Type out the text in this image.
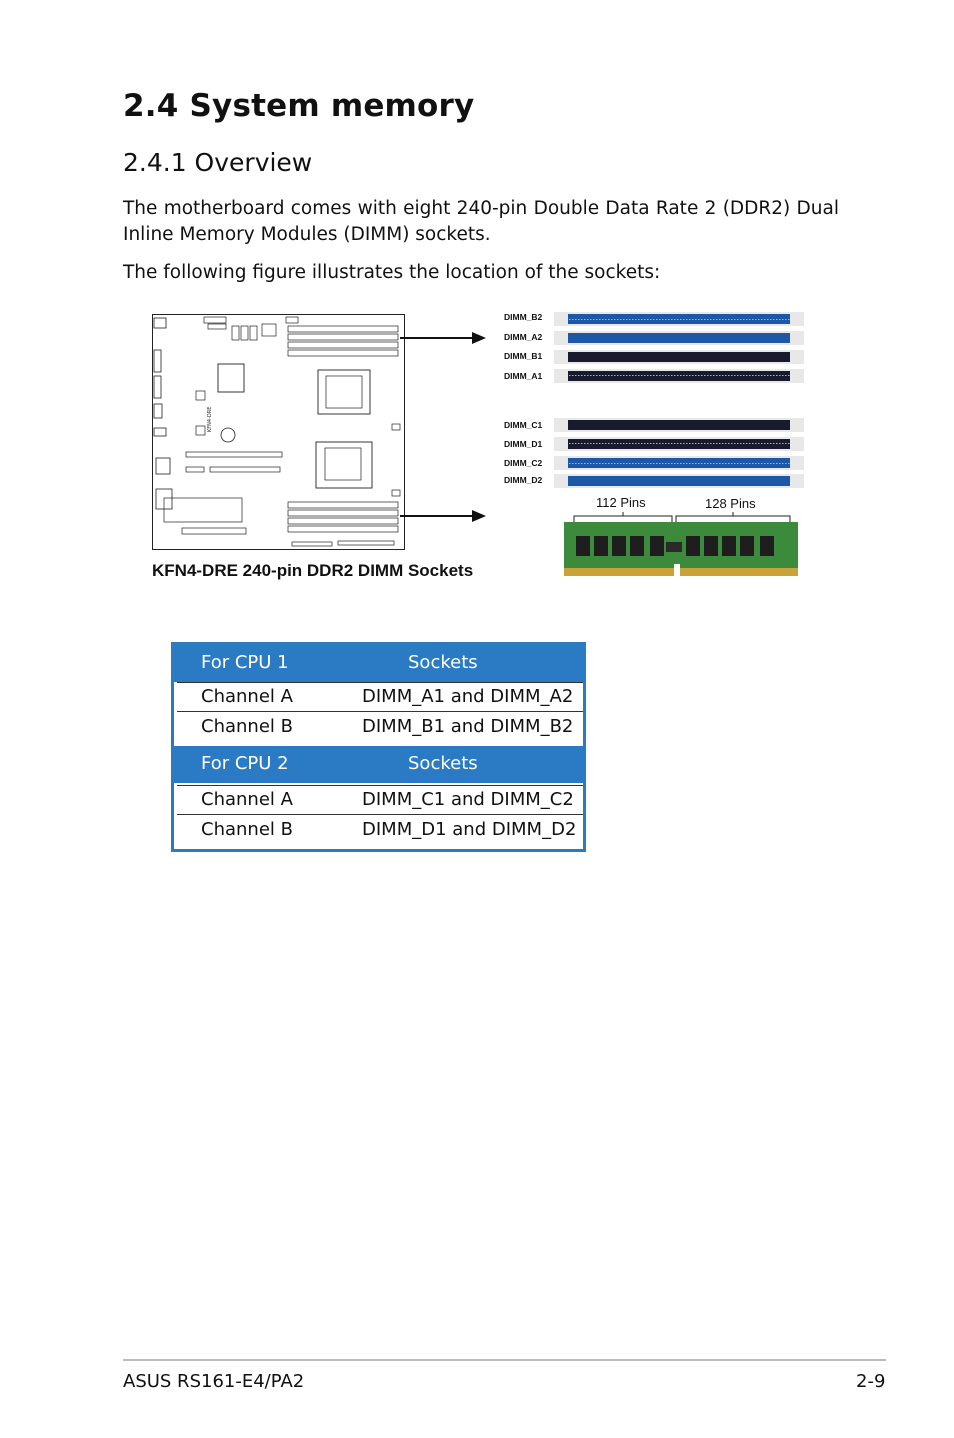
2.4 System memory
2.4.1 Overview
The motherboard comes with eight 240-pin Double Data Rate 2 (DDR2) Dual Inline Memory Modules (DIMM) sockets.
The following figure illustrates the location of the sockets:
KFN4-DRE
DIMM_B2
DIMM_A2
DIMM_B1
DIMM_A1
DIMM_C1
DIMM_D1
DIMM_C2
DIMM_D2
112 Pins	128 Pins
KFN4-DRE 240-pin DDR2 DIMM Sockets
For CPU 1	Sockets
Channel A	DIMM_A1 and DIMM_A2
Channel B	DIMM_B1 and DIMM_B2
For CPU 2	Sockets
Channel A	DIMM_C1 and DIMM_C2
Channel B	DIMM_D1 and DIMM_D2
ASUS RS161-E4/PA2	2-9
